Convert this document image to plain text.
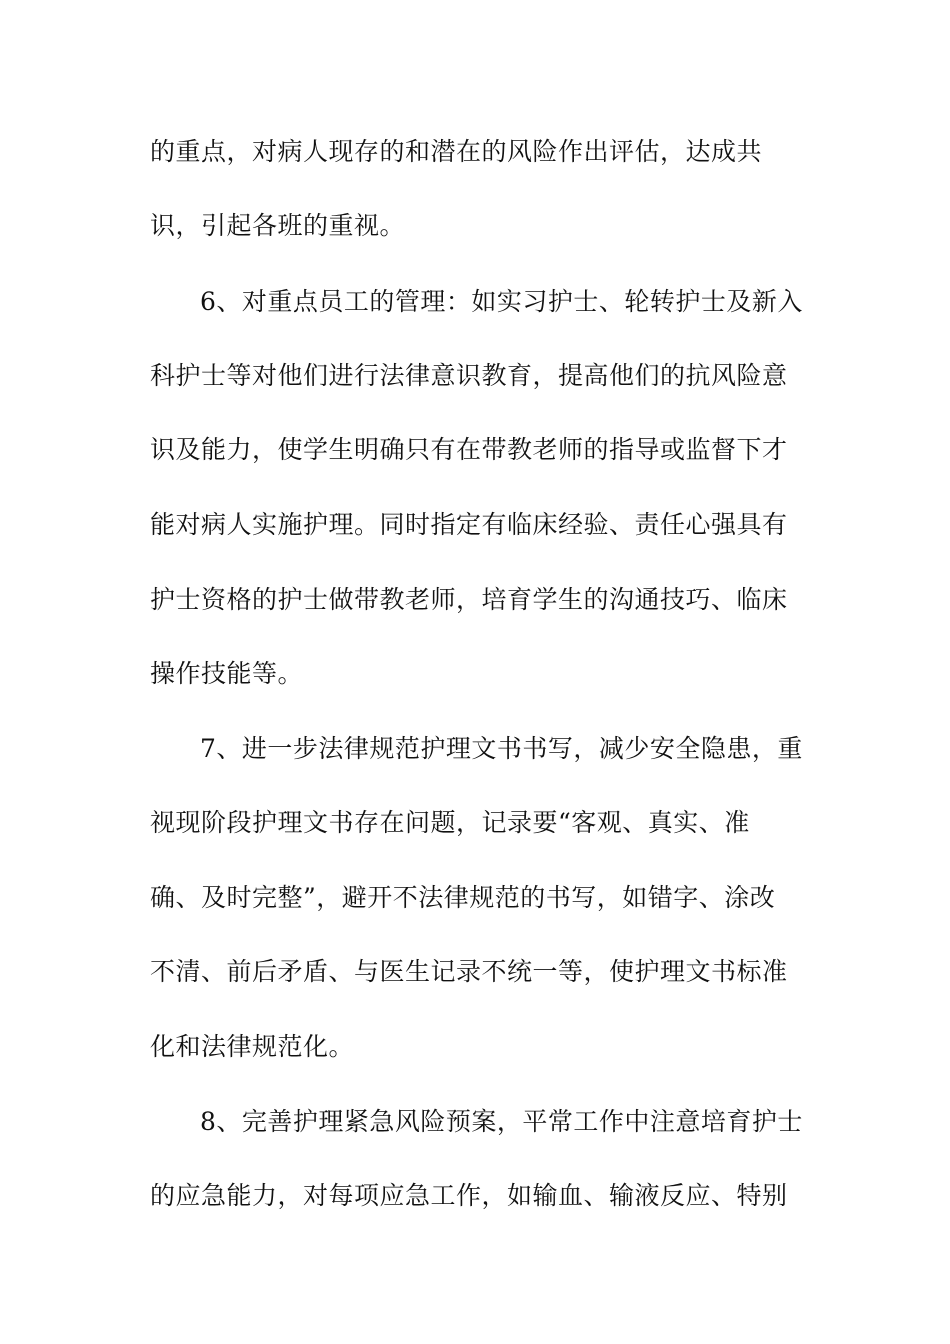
的重点，对病人现存的和潜在的风险作出评估，达成共

识，引起各班的重视。

6、对重点员工的管理：如实习护士、轮转护士及新入

科护士等对他们进行法律意识教育，提高他们的抗风险意

识及能力，使学生明确只有在带教老师的指导或监督下才

能对病人实施护理。同时指定有临床经验、责任心强具有

护士资格的护士做带教老师，培育学生的沟通技巧、临床

操作技能等。

7、进一步法律规范护理文书书写，减少安全隐患，重

视现阶段护理文书存在问题，记录要“客观、真实、准

确、及时完整”，避开不法律规范的书写，如错字、涂改

不清、前后矛盾、与医生记录不统一等，使护理文书标准

化和法律规范化。

8、完善护理紧急风险预案，平常工作中注意培育护士

的应急能力，对每项应急工作，如输血、输液反应、特别
